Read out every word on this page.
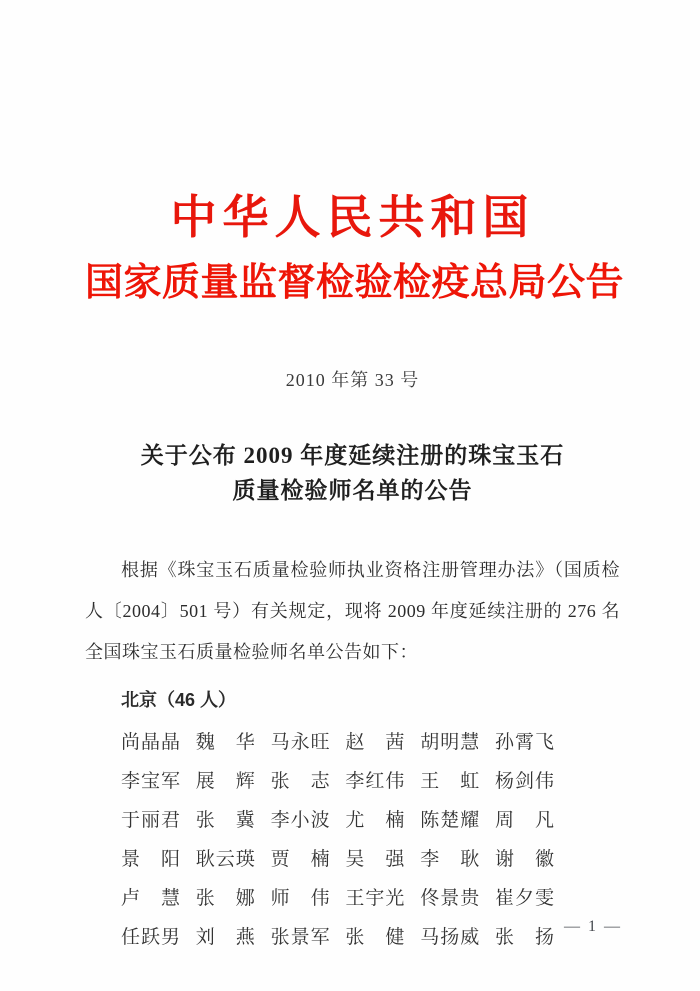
中华人民共和国
国家质量监督检验检疫总局公告
2010 年第 33 号
关于公布 2009 年度延续注册的珠宝玉石
质量检验师名单的公告

根据《珠宝玉石质量检验师执业资格注册管理办法》（国质检人〔2004〕501 号）有关规定，现将 2009 年度延续注册的 276 名全国珠宝玉石质量检验师名单公告如下：

北京（46 人）
尚晶晶 魏　华 马永旺 赵　茜 胡明慧 孙霄飞
李宝军 展　辉 张　志 李红伟 王　虹 杨剑伟
于丽君 张　冀 李小波 尤　楠 陈楚耀 周　凡
景　阳 耿云瑛 贾　楠 吴　强 李　耿 谢　徽
卢　慧 张　娜 师　伟 王宇光 佟景贵 崔夕雯
任跃男 刘　燕 张景军 张　健 马扬威 张　扬
— 1 —
